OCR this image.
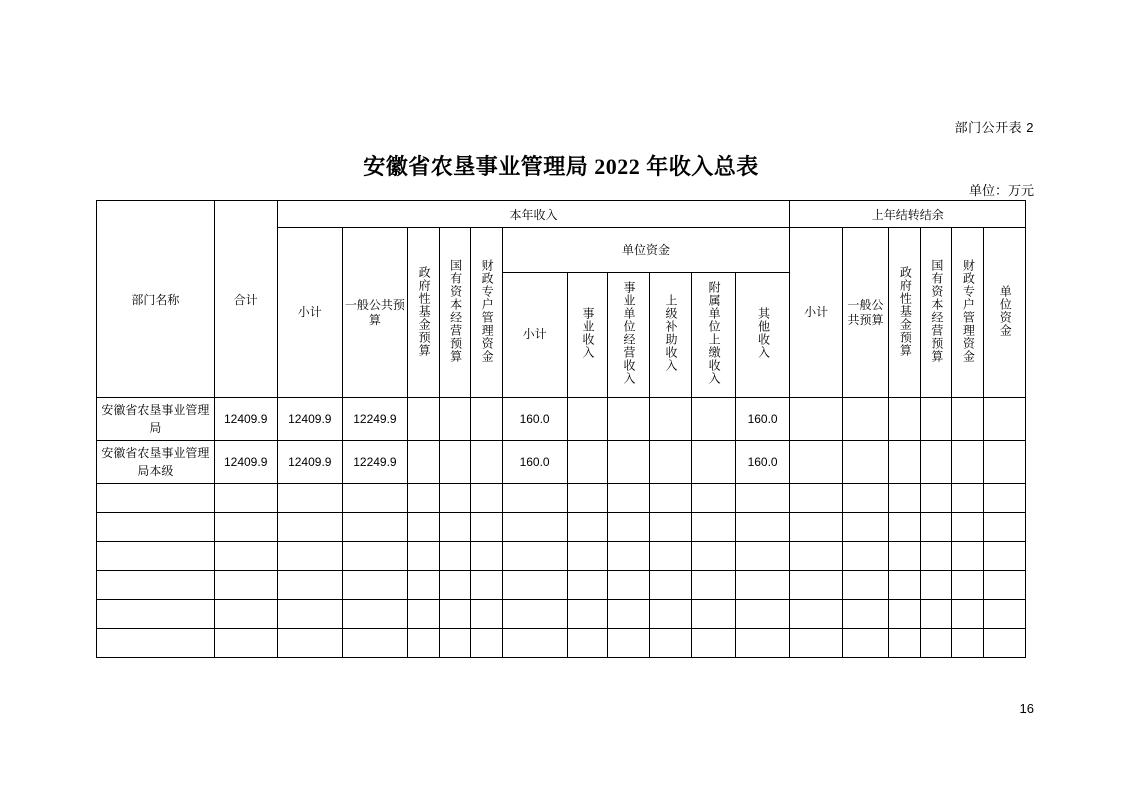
部门公开表 2
安徽省农垦事业管理局 2022 年收入总表
单位：万元
部门名称	合计	本年收入											上年结转结余					
		小计	一般公共预算	政府性基金预算	国有资本经营预算	财政专户管理资金	单位资金						小计	一般公共预算	政府性基金预算	国有资本经营预算	财政专户管理资金	单位资金
							小计	事业收入	事业单位经营收入	上级补助收入	附属单位上缴收入	其他收入						

安徽省农垦事业管理局	12409.9	12409.9	12249.9				160.0					160.0						
安徽省农垦事业管理局本级	12409.9	12409.9	12249.9				160.0					160.0						

16
